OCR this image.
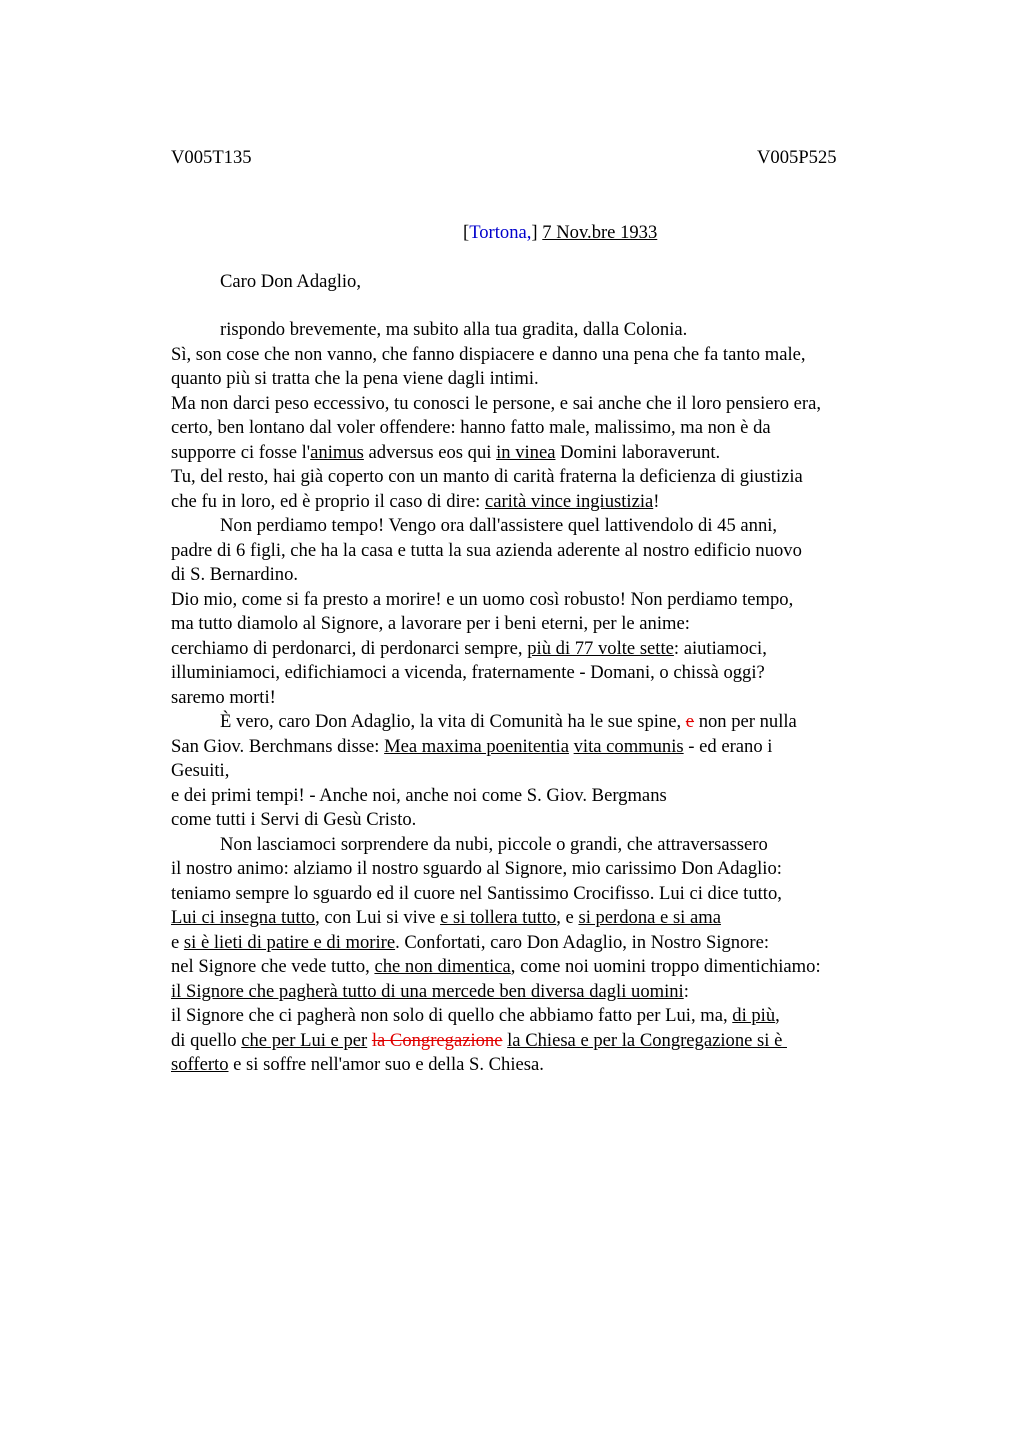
V005T135	V005P525
[Tortona,] 7 Nov.bre 1933
Caro Don Adaglio,
rispondo brevemente, ma subito alla tua gradita, dalla Colonia.
Sì, son cose che non vanno, che fanno dispiacere e danno una pena che fa tanto male,
quanto più si tratta che la pena viene dagli intimi.
Ma non darci peso eccessivo, tu conosci le persone, e sai anche che il loro pensiero era,
certo, ben lontano dal voler offendere: hanno fatto male, malissimo, ma non è da
supporre ci fosse l'animus adversus eos qui in vinea Domini laboraverunt.
Tu, del resto, hai già coperto con un manto di carità fraterna la deficienza di giustizia
che fu in loro, ed è proprio il caso di dire: carità vince ingiustizia!
Non perdiamo tempo! Vengo ora dall'assistere quel lattivendolo di 45 anni,
padre di 6 figli, che ha la casa e tutta la sua azienda aderente al nostro edificio nuovo
di S. Bernardino.
Dio mio, come si fa presto a morire! e un uomo così robusto! Non perdiamo tempo,
ma tutto diamolo al Signore, a lavorare per i beni eterni, per le anime:
cerchiamo di perdonarci, di perdonarci sempre, più di 77 volte sette: aiutiamoci,
illuminiamoci, edifichiamoci a vicenda, fraternamente - Domani, o chissà oggi?
saremo morti!
È vero, caro Don Adaglio, la vita di Comunità ha le sue spine, e non per nulla
San Giov. Berchmans disse: Mea maxima poenitentia vita communis - ed erano i
Gesuiti,
e dei primi tempi! - Anche noi, anche noi come S. Giov. Bergmans
come tutti i Servi di Gesù Cristo.
Non lasciamoci sorprendere da nubi, piccole o grandi, che attraversassero
il nostro animo: alziamo il nostro sguardo al Signore, mio carissimo Don Adaglio:
teniamo sempre lo sguardo ed il cuore nel Santissimo Crocifisso. Lui ci dice tutto,
Lui ci insegna tutto, con Lui si vive e si tollera tutto, e si perdona e si ama
e si è lieti di patire e di morire. Confortati, caro Don Adaglio, in Nostro Signore:
nel Signore che vede tutto, che non dimentica, come noi uomini troppo dimentichiamo:
il Signore che pagherà tutto di una mercede ben diversa dagli uomini:
il Signore che ci pagherà non solo di quello che abbiamo fatto per Lui, ma, di più,
di quello che per Lui e per la Congregazione la Chiesa e per la Congregazione si è
sofferto e si soffre nell'amor suo e della S. Chiesa.
